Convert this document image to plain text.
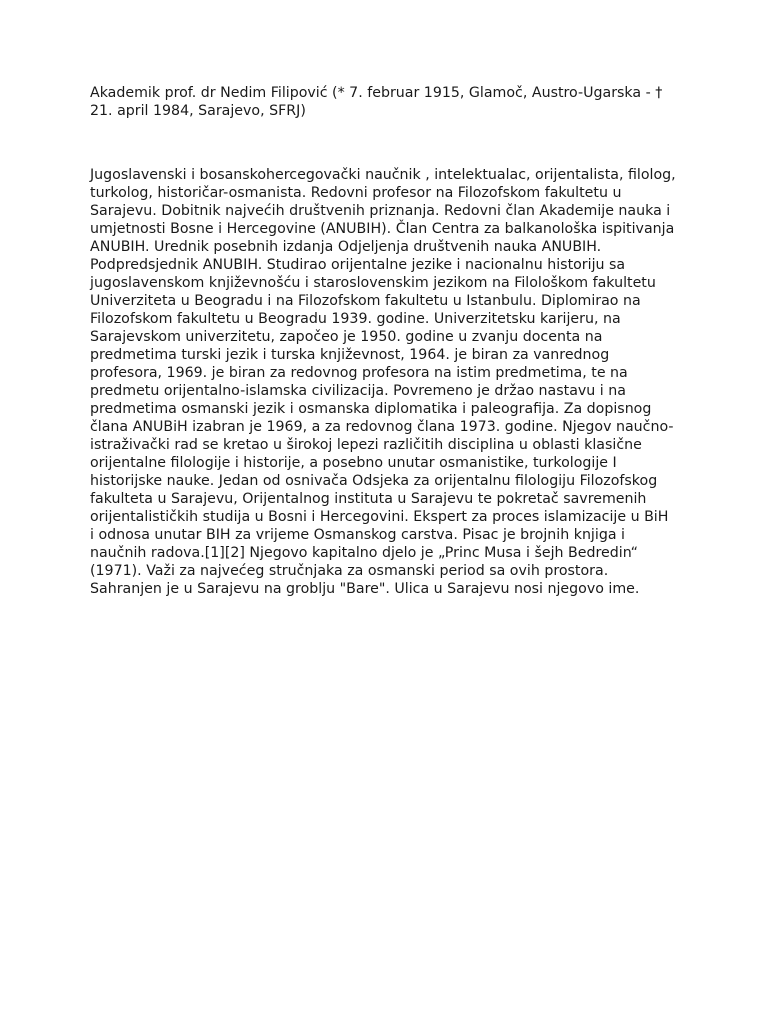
Akademik prof. dr Nedim Filipović (* 7. februar 1915, Glamoč, Austro-Ugarska - †
21. april 1984, Sarajevo, SFRJ)

Jugoslavenski i bosanskohercegovački naučnik , intelektualac, orijentalista, filolog,
turkolog, historičar-osmanista. Redovni profesor na Filozofskom fakultetu u
Sarajevu. Dobitnik najvećih društvenih priznanja. Redovni član Akademije nauka i
umjetnosti Bosne i Hercegovine (ANUBIH). Član Centra za balkanološka ispitivanja
ANUBIH. Urednik posebnih izdanja Odjeljenja društvenih nauka ANUBIH.
Podpredsjednik ANUBIH. Studirao orijentalne jezike i nacionalnu historiju sa
jugoslavenskom književnošću i staroslovenskim jezikom na Filološkom fakultetu
Univerziteta u Beogradu i na Filozofskom fakultetu u Istanbulu. Diplomirao na
Filozofskom fakultetu u Beogradu 1939. godine. Univerzitetsku karijeru, na
Sarajevskom univerzitetu, započeo je 1950. godine u zvanju docenta na
predmetima turski jezik i turska književnost, 1964. je biran za vanrednog
profesora, 1969. je biran za redovnog profesora na istim predmetima, te na
predmetu orijentalno-islamska civilizacija. Povremeno je držao nastavu i na
predmetima osmanski jezik i osmanska diplomatika i paleografija. Za dopisnog
člana ANUBiH izabran je 1969, a za redovnog člana 1973. godine. Njegov naučno-
istraživački rad se kretao u širokoj lepezi različitih disciplina u oblasti klasične
orijentalne filologije i historije, a posebno unutar osmanistike, turkologije I
historijske nauke. Jedan od osnivača Odsjeka za orijentalnu filologiju Filozofskog
fakulteta u Sarajevu, Orijentalnog instituta u Sarajevu te pokretač savremenih
orijentalističkih studija u Bosni i Hercegovini. Ekspert za proces islamizacije u BiH
i odnosa unutar BIH za vrijeme Osmanskog carstva. Pisac je brojnih knjiga i
naučnih radova.[1][2] Njegovo kapitalno djelo je „Princ Musa i šejh Bedredin“
(1971). Važi za najvećeg stručnjaka za osmanski period sa ovih prostora.
Sahranjen je u Sarajevu na groblju "Bare". Ulica u Sarajevu nosi njegovo ime.
